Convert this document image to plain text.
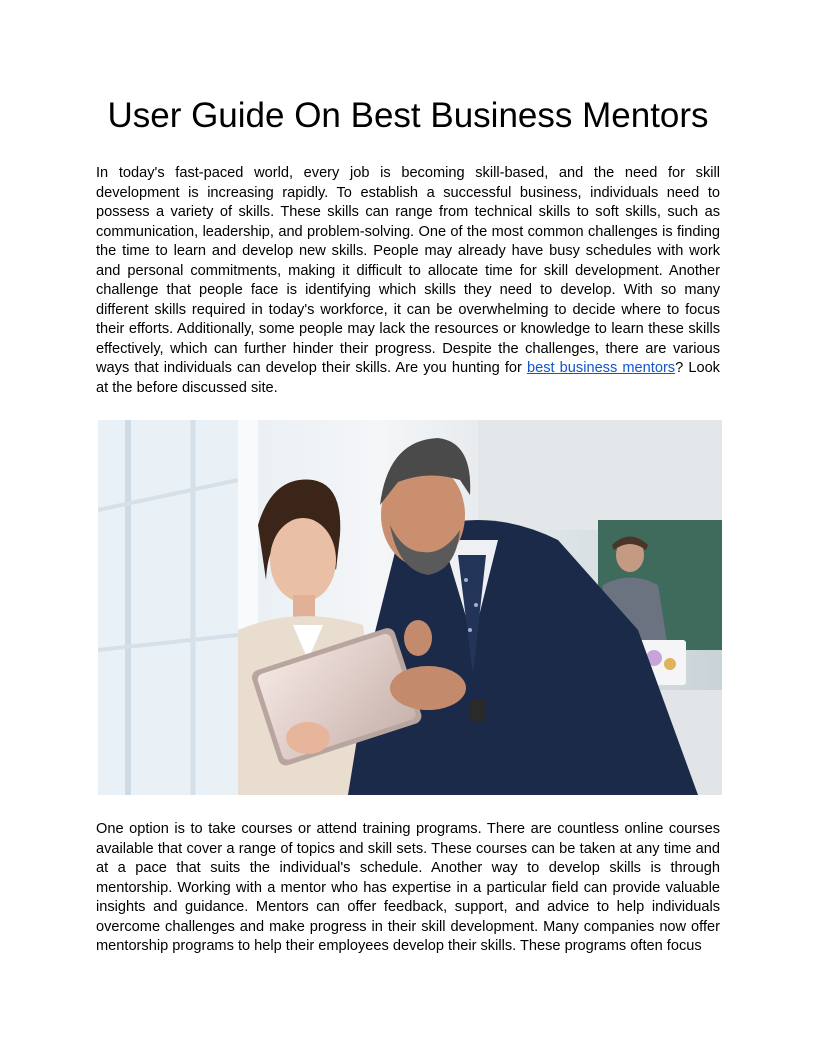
User Guide On Best Business Mentors

In today's fast-paced world, every job is becoming skill-based, and the need for skill development is increasing rapidly. To establish a successful business, individuals need to possess a variety of skills. These skills can range from technical skills to soft skills, such as communication, leadership, and problem-solving. One of the most common challenges is finding the time to learn and develop new skills. People may already have busy schedules with work and personal commitments, making it difficult to allocate time for skill development. Another challenge that people face is identifying which skills they need to develop. With so many different skills required in today's workforce, it can be overwhelming to decide where to focus their efforts. Additionally, some people may lack the resources or knowledge to learn these skills effectively, which can further hinder their progress. Despite the challenges, there are various ways that individuals can develop their skills. Are you hunting for best business mentors? Look at the before discussed site.

One option is to take courses or attend training programs. There are countless online courses available that cover a range of topics and skill sets. These courses can be taken at any time and at a pace that suits the individual's schedule. Another way to develop skills is through mentorship. Working with a mentor who has expertise in a particular field can provide valuable insights and guidance. Mentors can offer feedback, support, and advice to help individuals overcome challenges and make progress in their skill development. Many companies now offer mentorship programs to help their employees develop their skills. These programs often focus
